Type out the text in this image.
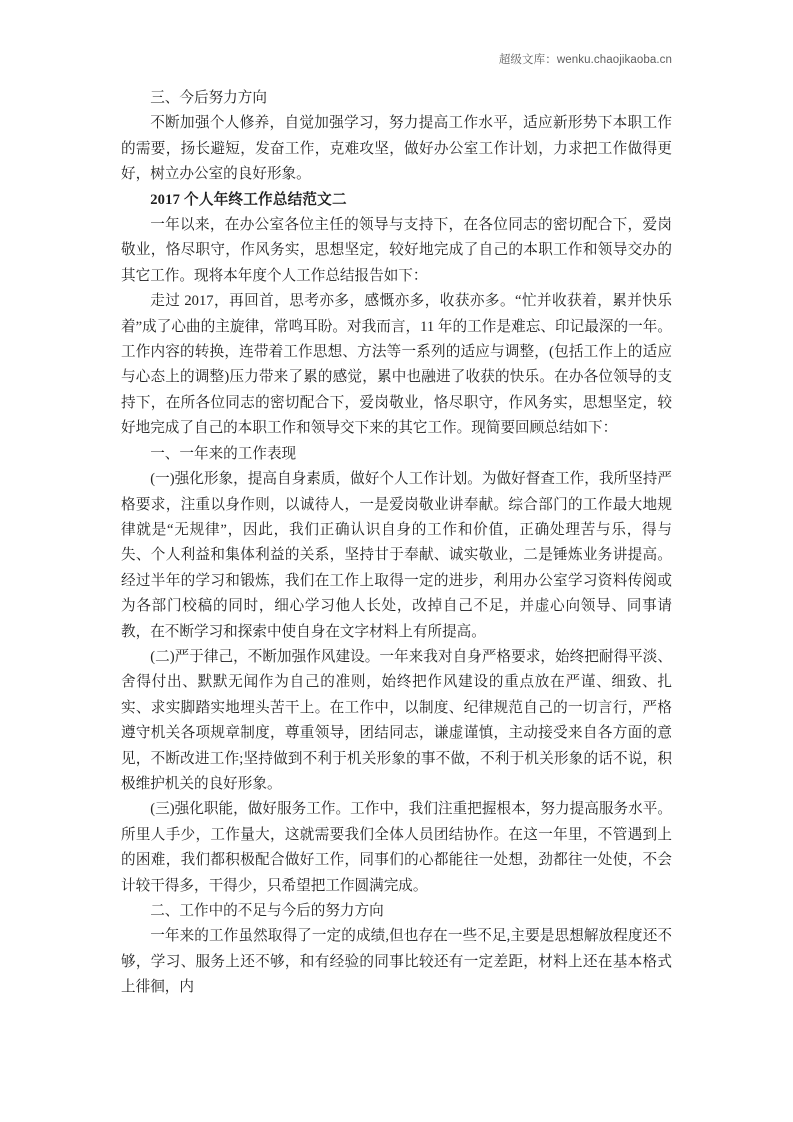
超级文库：wenku.chaojikaoba.cn

三、今后努力方向

不断加强个人修养，自觉加强学习，努力提高工作水平，适应新形势下本职工作的需要，扬长避短，发奋工作，克难攻坚，做好办公室工作计划，力求把工作做得更好，树立办公室的良好形象。

2017 个人年终工作总结范文二

一年以来，在办公室各位主任的领导与支持下，在各位同志的密切配合下，爱岗敬业，恪尽职守，作风务实，思想坚定，较好地完成了自己的本职工作和领导交办的其它工作。现将本年度个人工作总结报告如下：

走过 2017，再回首，思考亦多，感慨亦多，收获亦多。“忙并收获着，累并快乐着”成了心曲的主旋律，常鸣耳盼。对我而言，11 年的工作是难忘、印记最深的一年。工作内容的转换，连带着工作思想、方法等一系列的适应与调整，(包括工作上的适应与心态上的调整)压力带来了累的感觉，累中也融进了收获的快乐。在办各位领导的支持下，在所各位同志的密切配合下，爱岗敬业，恪尽职守，作风务实，思想坚定，较好地完成了自己的本职工作和领导交下来的其它工作。现简要回顾总结如下：

一、一年来的工作表现

(一)强化形象，提高自身素质，做好个人工作计划。为做好督查工作，我所坚持严格要求，注重以身作则，以诚待人，一是爱岗敬业讲奉献。综合部门的工作最大地规律就是“无规律”，因此，我们正确认识自身的工作和价值，正确处理苦与乐，得与失、个人利益和集体利益的关系，坚持甘于奉献、诚实敬业，二是锤炼业务讲提高。经过半年的学习和锻炼，我们在工作上取得一定的进步，利用办公室学习资料传阅或为各部门校稿的同时，细心学习他人长处，改掉自己不足，并虚心向领导、同事请教，在不断学习和探索中使自身在文字材料上有所提高。

(二)严于律己，不断加强作风建设。一年来我对自身严格要求，始终把耐得平淡、舍得付出、默默无闻作为自己的准则，始终把作风建设的重点放在严谨、细致、扎实、求实脚踏实地埋头苦干上。在工作中，以制度、纪律规范自己的一切言行，严格遵守机关各项规章制度，尊重领导，团结同志，谦虚谨慎，主动接受来自各方面的意见，不断改进工作;坚持做到不利于机关形象的事不做，不利于机关形象的话不说，积极维护机关的良好形象。

(三)强化职能，做好服务工作。工作中，我们注重把握根本，努力提高服务水平。所里人手少，工作量大，这就需要我们全体人员团结协作。在这一年里，不管遇到上的困难，我们都积极配合做好工作，同事们的心都能往一处想，劲都往一处使，不会计较干得多，干得少，只希望把工作圆满完成。

二、工作中的不足与今后的努力方向

一年来的工作虽然取得了一定的成绩,但也存在一些不足,主要是思想解放程度还不够，学习、服务上还不够，和有经验的同事比较还有一定差距，材料上还在基本格式上徘徊，内
